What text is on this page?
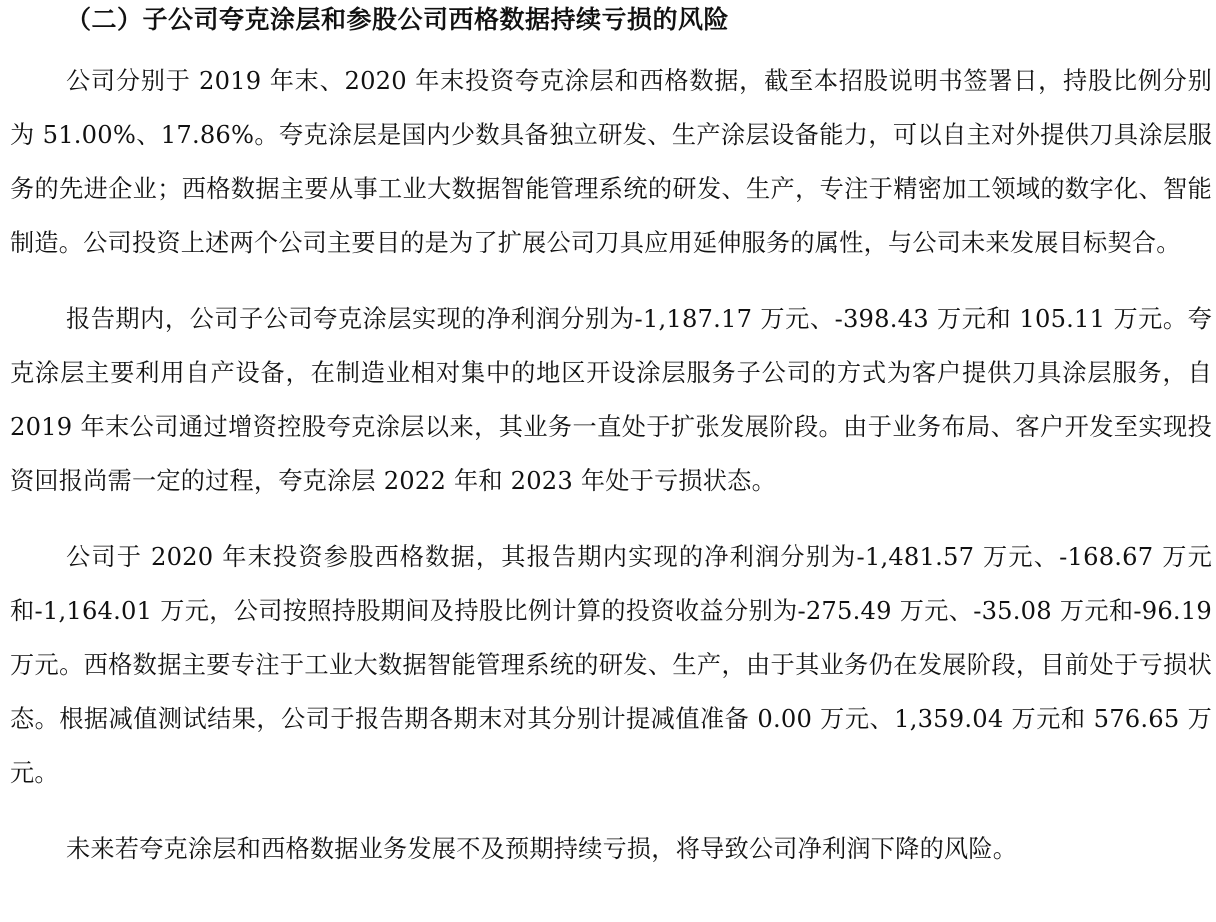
（二）子公司夸克涂层和参股公司西格数据持续亏损的风险

公司分别于 2019 年末、2020 年末投资夸克涂层和西格数据，截至本招股说明书签署日，持股比例分别为 51.00%、17.86%。夸克涂层是国内少数具备独立研发、生产涂层设备能力，可以自主对外提供刀具涂层服务的先进企业；西格数据主要从事工业大数据智能管理系统的研发、生产，专注于精密加工领域的数字化、智能制造。公司投资上述两个公司主要目的是为了扩展公司刀具应用延伸服务的属性，与公司未来发展目标契合。

报告期内，公司子公司夸克涂层实现的净利润分别为-1,187.17 万元、-398.43 万元和 105.11 万元。夸克涂层主要利用自产设备，在制造业相对集中的地区开设涂层服务子公司的方式为客户提供刀具涂层服务，自 2019 年末公司通过增资控股夸克涂层以来，其业务一直处于扩张发展阶段。由于业务布局、客户开发至实现投资回报尚需一定的过程，夸克涂层 2022 年和 2023 年处于亏损状态。

公司于 2020 年末投资参股西格数据，其报告期内实现的净利润分别为-1,481.57 万元、-168.67 万元和-1,164.01 万元，公司按照持股期间及持股比例计算的投资收益分别为-275.49 万元、-35.08 万元和-96.19 万元。西格数据主要专注于工业大数据智能管理系统的研发、生产，由于其业务仍在发展阶段，目前处于亏损状态。根据减值测试结果，公司于报告期各期末对其分别计提减值准备 0.00 万元、1,359.04 万元和 576.65 万元。

未来若夸克涂层和西格数据业务发展不及预期持续亏损，将导致公司净利润下降的风险。
